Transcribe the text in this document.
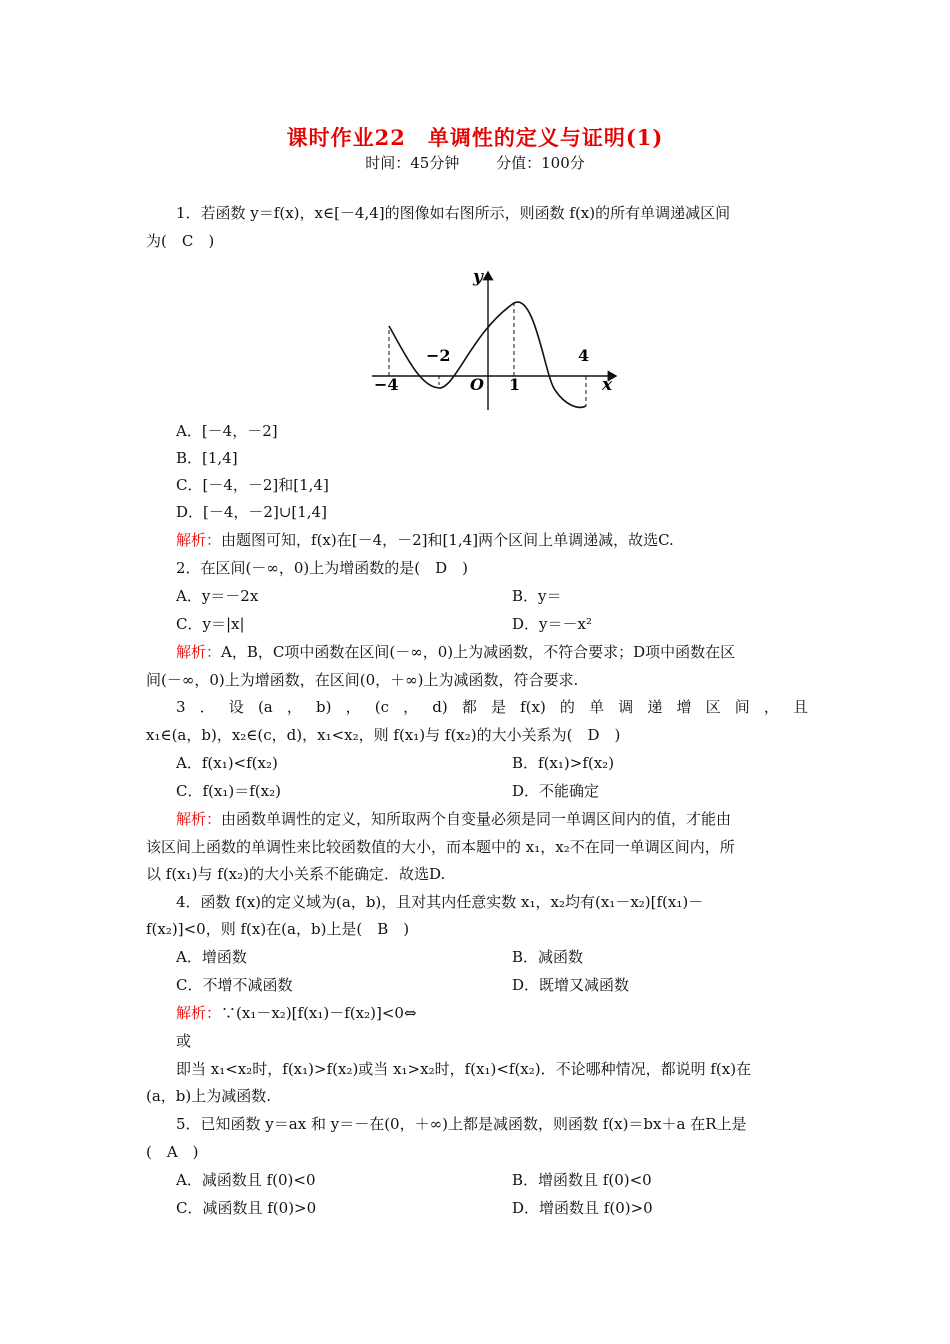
课时作业22　单调性的定义与证明(1)
时间：45分钟 分值：100分
1．若函数 y＝f(x)，x∈[－4,4]的图像如右图所示，则函数 f(x)的所有单调递减区间
为(　C　)
y
x
O
−4
−2
1
4
A．[－4，－2]
B．[1,4]
C．[－4，－2]和[1,4]
D．[－4，－2]∪[1,4]
解析：由题图可知，f(x)在[－4，－2]和[1,4]两个区间上单调递减，故选C.
2．在区间(－∞，0)上为增函数的是(　D　)
A．y＝－2x	B．y＝
C．y＝|x|	D．y＝－x²
解析：A，B，C项中函数在区间(－∞，0)上为减函数，不符合要求；D项中函数在区
间(－∞，0)上为增函数，在区间(0，＋∞)上为减函数，符合要求.
3．设(a，b)，(c，d)都是f(x)的单调递增区间，且
x₁∈(a，b)，x₂∈(c，d)，x₁<x₂，则 f(x₁)与 f(x₂)的大小关系为(　D　)
A．f(x₁)<f(x₂)	B．f(x₁)>f(x₂)
C．f(x₁)＝f(x₂)	D．不能确定
解析：由函数单调性的定义，知所取两个自变量必须是同一单调区间内的值，才能由
该区间上函数的单调性来比较函数值的大小，而本题中的 x₁，x₂不在同一单调区间内，所
以 f(x₁)与 f(x₂)的大小关系不能确定．故选D.
4．函数 f(x)的定义域为(a，b)，且对其内任意实数 x₁，x₂均有(x₁－x₂)[f(x₁)－
f(x₂)]<0，则 f(x)在(a，b)上是(　B　)
A．增函数	B．减函数
C．不增不减函数	D．既增又减函数
解析：∵(x₁－x₂)[f(x₁)－f(x₂)]<0⇔
或
即当 x₁<x₂时，f(x₁)>f(x₂)或当 x₁>x₂时，f(x₁)<f(x₂)．不论哪种情况，都说明 f(x)在
(a，b)上为减函数.
5．已知函数 y＝ax 和 y＝－在(0，＋∞)上都是减函数，则函数 f(x)＝bx＋a 在R上是
(　A　)
A．减函数且 f(0)<0	B．增函数且 f(0)<0
C．减函数且 f(0)>0	D．增函数且 f(0)>0
